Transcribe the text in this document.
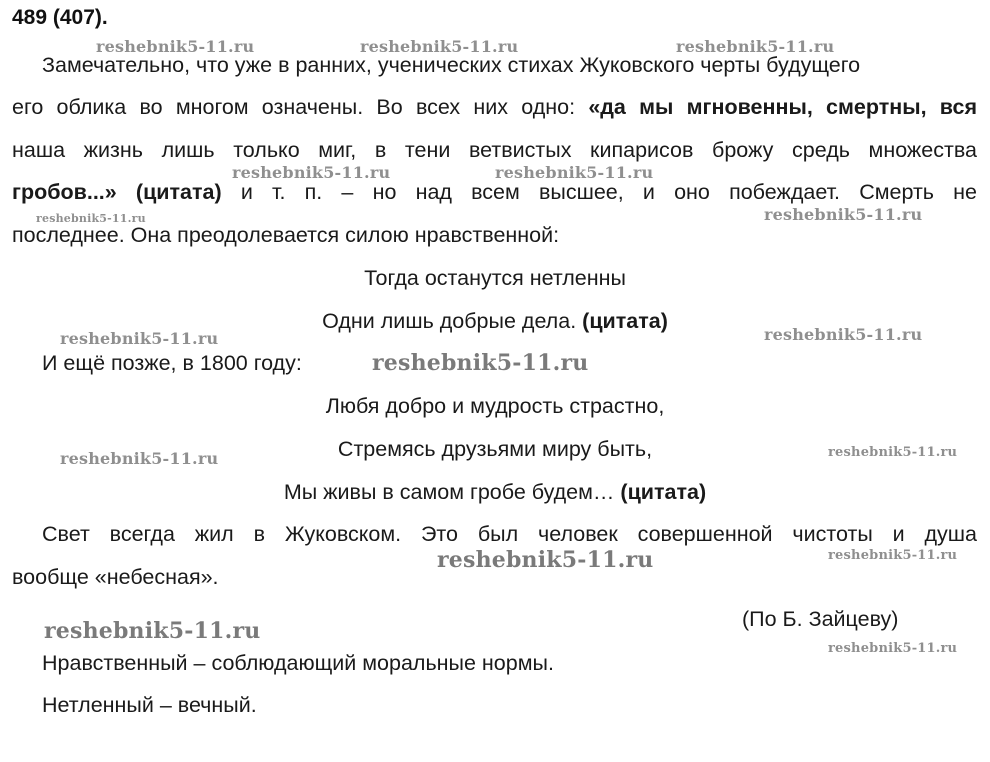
489 (407).
Замечательно, что уже в ранних, ученических стихах Жуковского черты будущего
его облика во многом означены. Во всех них одно: «да мы мгновенны, смертны, вся
наша жизнь лишь только миг, в тени ветвистых кипарисов брожу средь множества
гробов...» (цитата) и т. п. – но над всем высшее, и оно побеждает. Смерть не
последнее. Она преодолевается силою нравственной:
Тогда останутся нетленны
Одни лишь добрые дела. (цитата)
И ещё позже, в 1800 году:
Любя добро и мудрость страстно,
Стремясь друзьями миру быть,
Мы живы в самом гробе будем… (цитата)
Свет всегда жил в Жуковском. Это был человек совершенной чистоты и душа
вообще «небесная».
(По Б. Зайцеву)
Нравственный – соблюдающий моральные нормы.
Нетленный – вечный.
reshebnik5-11.ru	reshebnik5-11.ru	reshebnik5-11.ru
reshebnik5-11.ru	reshebnik5-11.ru
reshebnik5-11.ru	reshebnik5-11.ru
reshebnik5-11.ru	reshebnik5-11.ru
reshebnik5-11.ru
reshebnik5-11.ru	reshebnik5-11.ru
reshebnik5-11.ru	reshebnik5-11.ru
reshebnik5-11.ru
reshebnik5-11.ru
